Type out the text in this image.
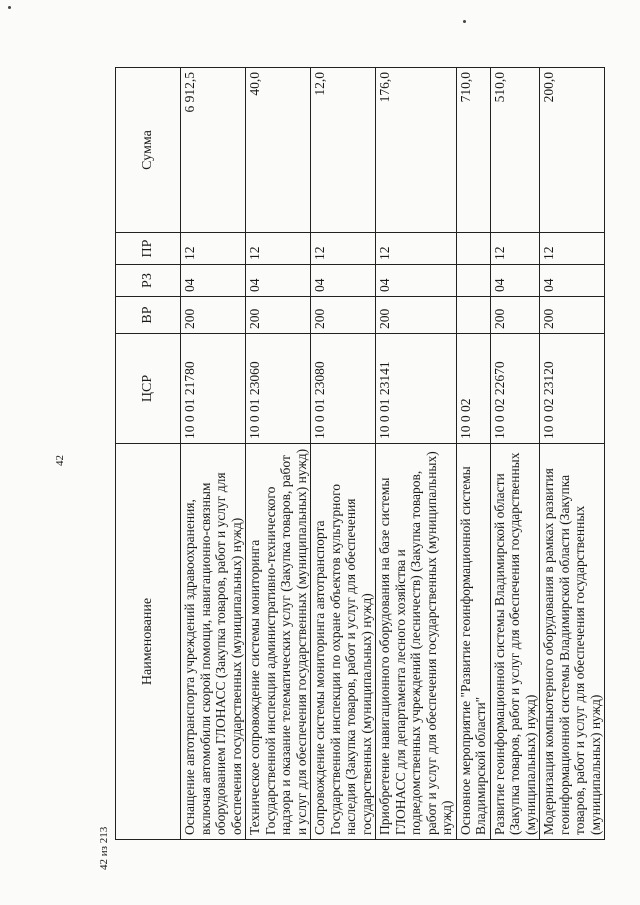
42
42 из 213
Наименование	ЦСР	ВР	РЗ	ПР	Сумма
Оснащение автотранспорта учреждений здравоохранения, включая автомобили скорой помощи, навигационно-связным оборудованием ГЛОНАСС (Закупка товаров, работ и услуг для обеспечения государственных (муниципальных) нужд)	10 0 01 21780	200	04	12	6 912,5
Техническое сопровождение системы мониторинга Государственной инспекции административно-технического надзора и оказание телематических услуг (Закупка товаров, работ и услуг для обеспечения государственных (муниципальных) нужд)	10 0 01 23060	200	04	12	40,0
Сопровождение системы мониторинга автотранспорта Государственной инспекции по охране объектов культурного наследия (Закупка товаров, работ и услуг для обеспечения государственных (муниципальных) нужд)	10 0 01 23080	200	04	12	12,0
Приобретение навигационного оборудования на базе системы ГЛОНАСС для департамента лесного хозяйства и подведомственных учреждений (лесничеств) (Закупка товаров, работ и услуг для обеспечения государственных (муниципальных) нужд)	10 0 01 23141	200	04	12	176,0
Основное мероприятие "Развитие геоинформационной системы Владимирской области"	10 0 02				710,0
Развитие геоинформационной системы Владимирской области (Закупка товаров, работ и услуг для обеспечения государственных (муниципальных) нужд)	10 0 02 22670	200	04	12	510,0
Модернизация компьютерного оборудования в рамках развития геоинформационной системы Владимирской области (Закупка товаров, работ и услуг для обеспечения государственных (муниципальных) нужд)	10 0 02 23120	200	04	12	200,0
